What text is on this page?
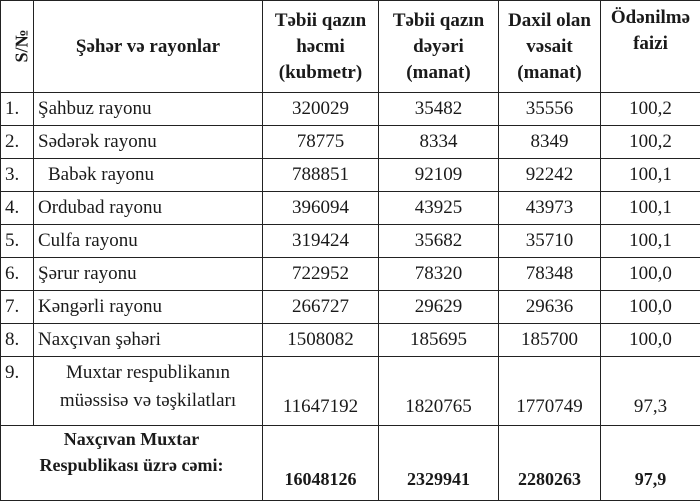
S/№	Şəhər və rayonlar	Təbii qazın
həcmi
(kubmetr)	Təbii qazın
dəyəri
(manat)	Daxil olan
vəsait
(manat)	Ödənilmə
faizi

1.	Şahbuz rayonu	320029	35482	35556	100,2
2.	Sədərək rayonu	78775	8334	8349	100,2
3.	Babək rayonu	788851	92109	92242	100,1
4.	Ordubad rayonu	396094	43925	43973	100,1
5.	Culfa rayonu	319424	35682	35710	100,1
6.	Şərur rayonu	722952	78320	78348	100,0
7.	Kəngərli rayonu	266727	29629	29636	100,0
8.	Naxçıvan şəhəri	1508082	185695	185700	100,0
9.	Muxtar respublikanın
müəssisə və təşkilatları	11647192	1820765	1770749	97,3

Naxçıvan Muxtar
Respublikası üzrə cəmi:		16048126	2329941	2280263	97,9
